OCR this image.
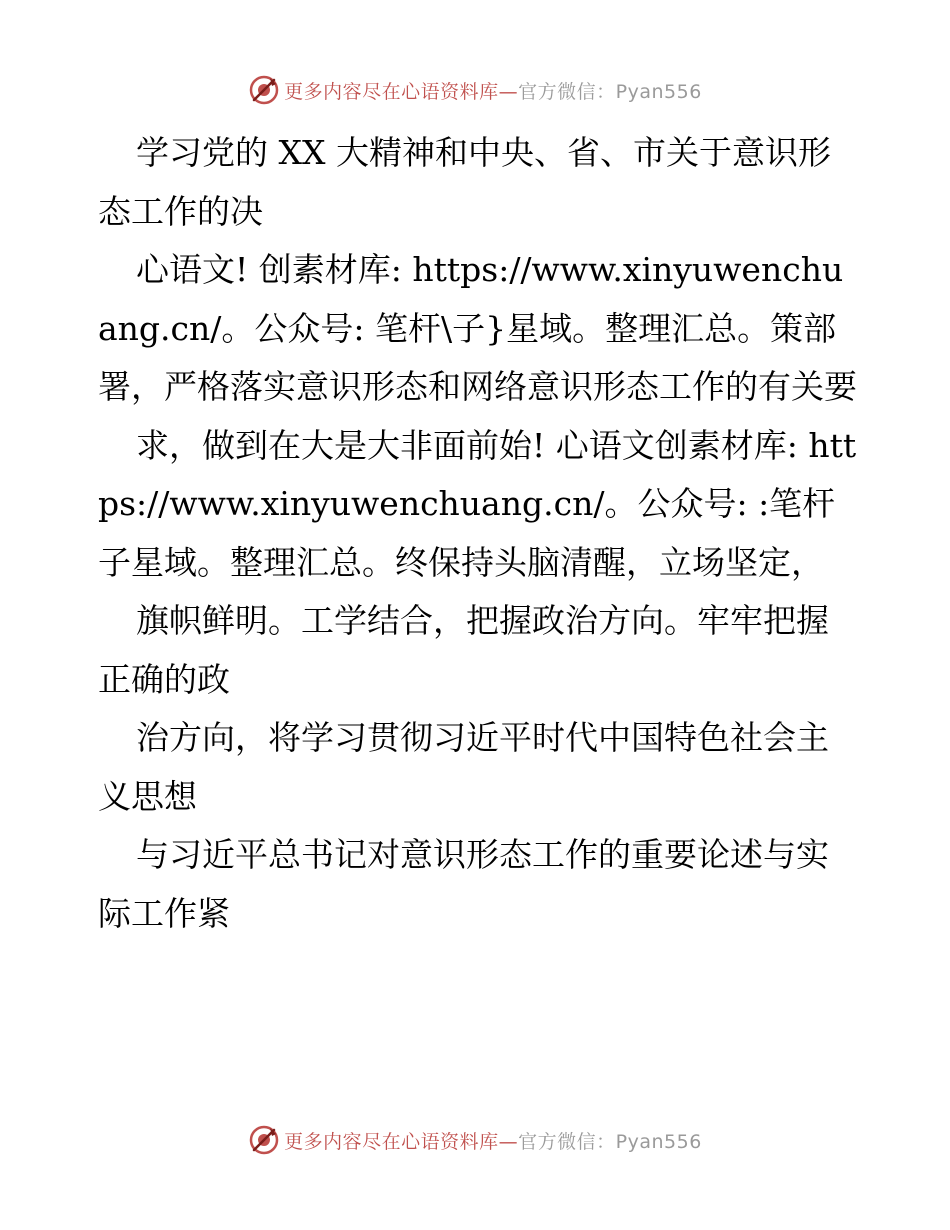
更多内容尽在心语资料库—官方微信：Pyan556

学习党的 XX 大精神和中央、省、市关于意识形态工作的决

心语文! 创素材库: https://www.xinyuwenchuang.cn/。公众号: 笔杆\子}星域。整理汇总。策部署，严格落实意识形态和网络意识形态工作的有关要

求，做到在大是大非面前始! 心语文创素材库: https://www.xinyuwenchuang.cn/。公众号: :笔杆子星域。整理汇总。终保持头脑清醒，立场坚定，

旗帜鲜明。工学结合，把握政治方向。牢牢把握正确的政

治方向，将学习贯彻习近平时代中国特色社会主义思想

与习近平总书记对意识形态工作的重要论述与实际工作紧

更多内容尽在心语资料库—官方微信：Pyan556
